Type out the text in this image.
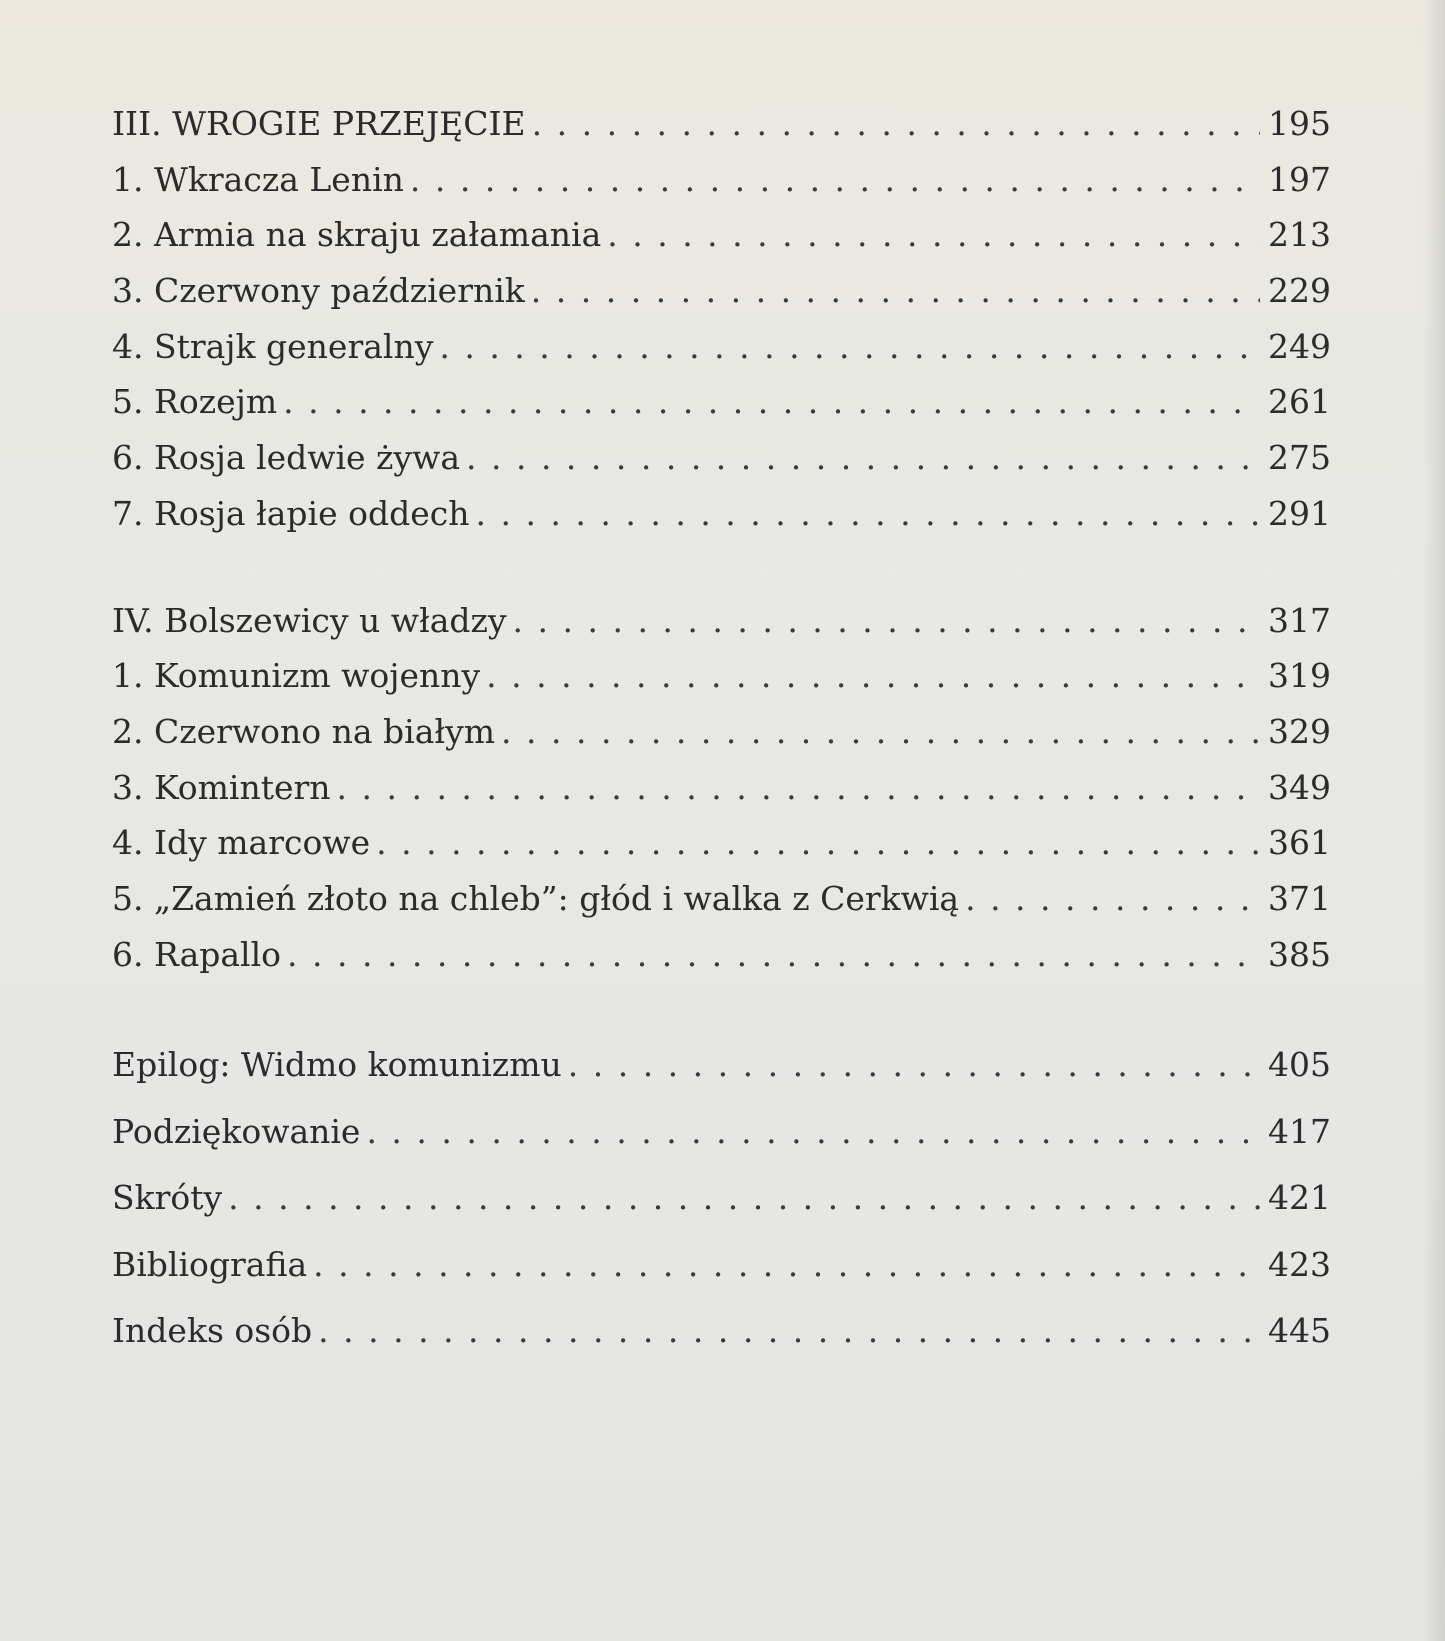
III. WROGIE PRZEJĘCIE . . .	195
1. Wkracza Lenin . . .	197
2. Armia na skraju załamania . . .	213
3. Czerwony październik . . .	229
4. Strajk generalny . . .	249
5. Rozejm . . .	261
6. Rosja ledwie żywa . . .	275
7. Rosja łapie oddech . . .	291
IV. Bolszewicy u władzy . . .	317
1. Komunizm wojenny . . .	319
2. Czerwono na białym . . .	329
3. Komintern . . .	349
4. Idy marcowe . . .	361
5. „Zamień złoto na chleb”: głód i walka z Cerkwią . . .	371
6. Rapallo . . .	385
Epilog: Widmo komunizmu . . .	405
Podziękowanie . . .	417
Skróty . . .	421
Bibliografia . . .	423
Indeks osób . . .	445
